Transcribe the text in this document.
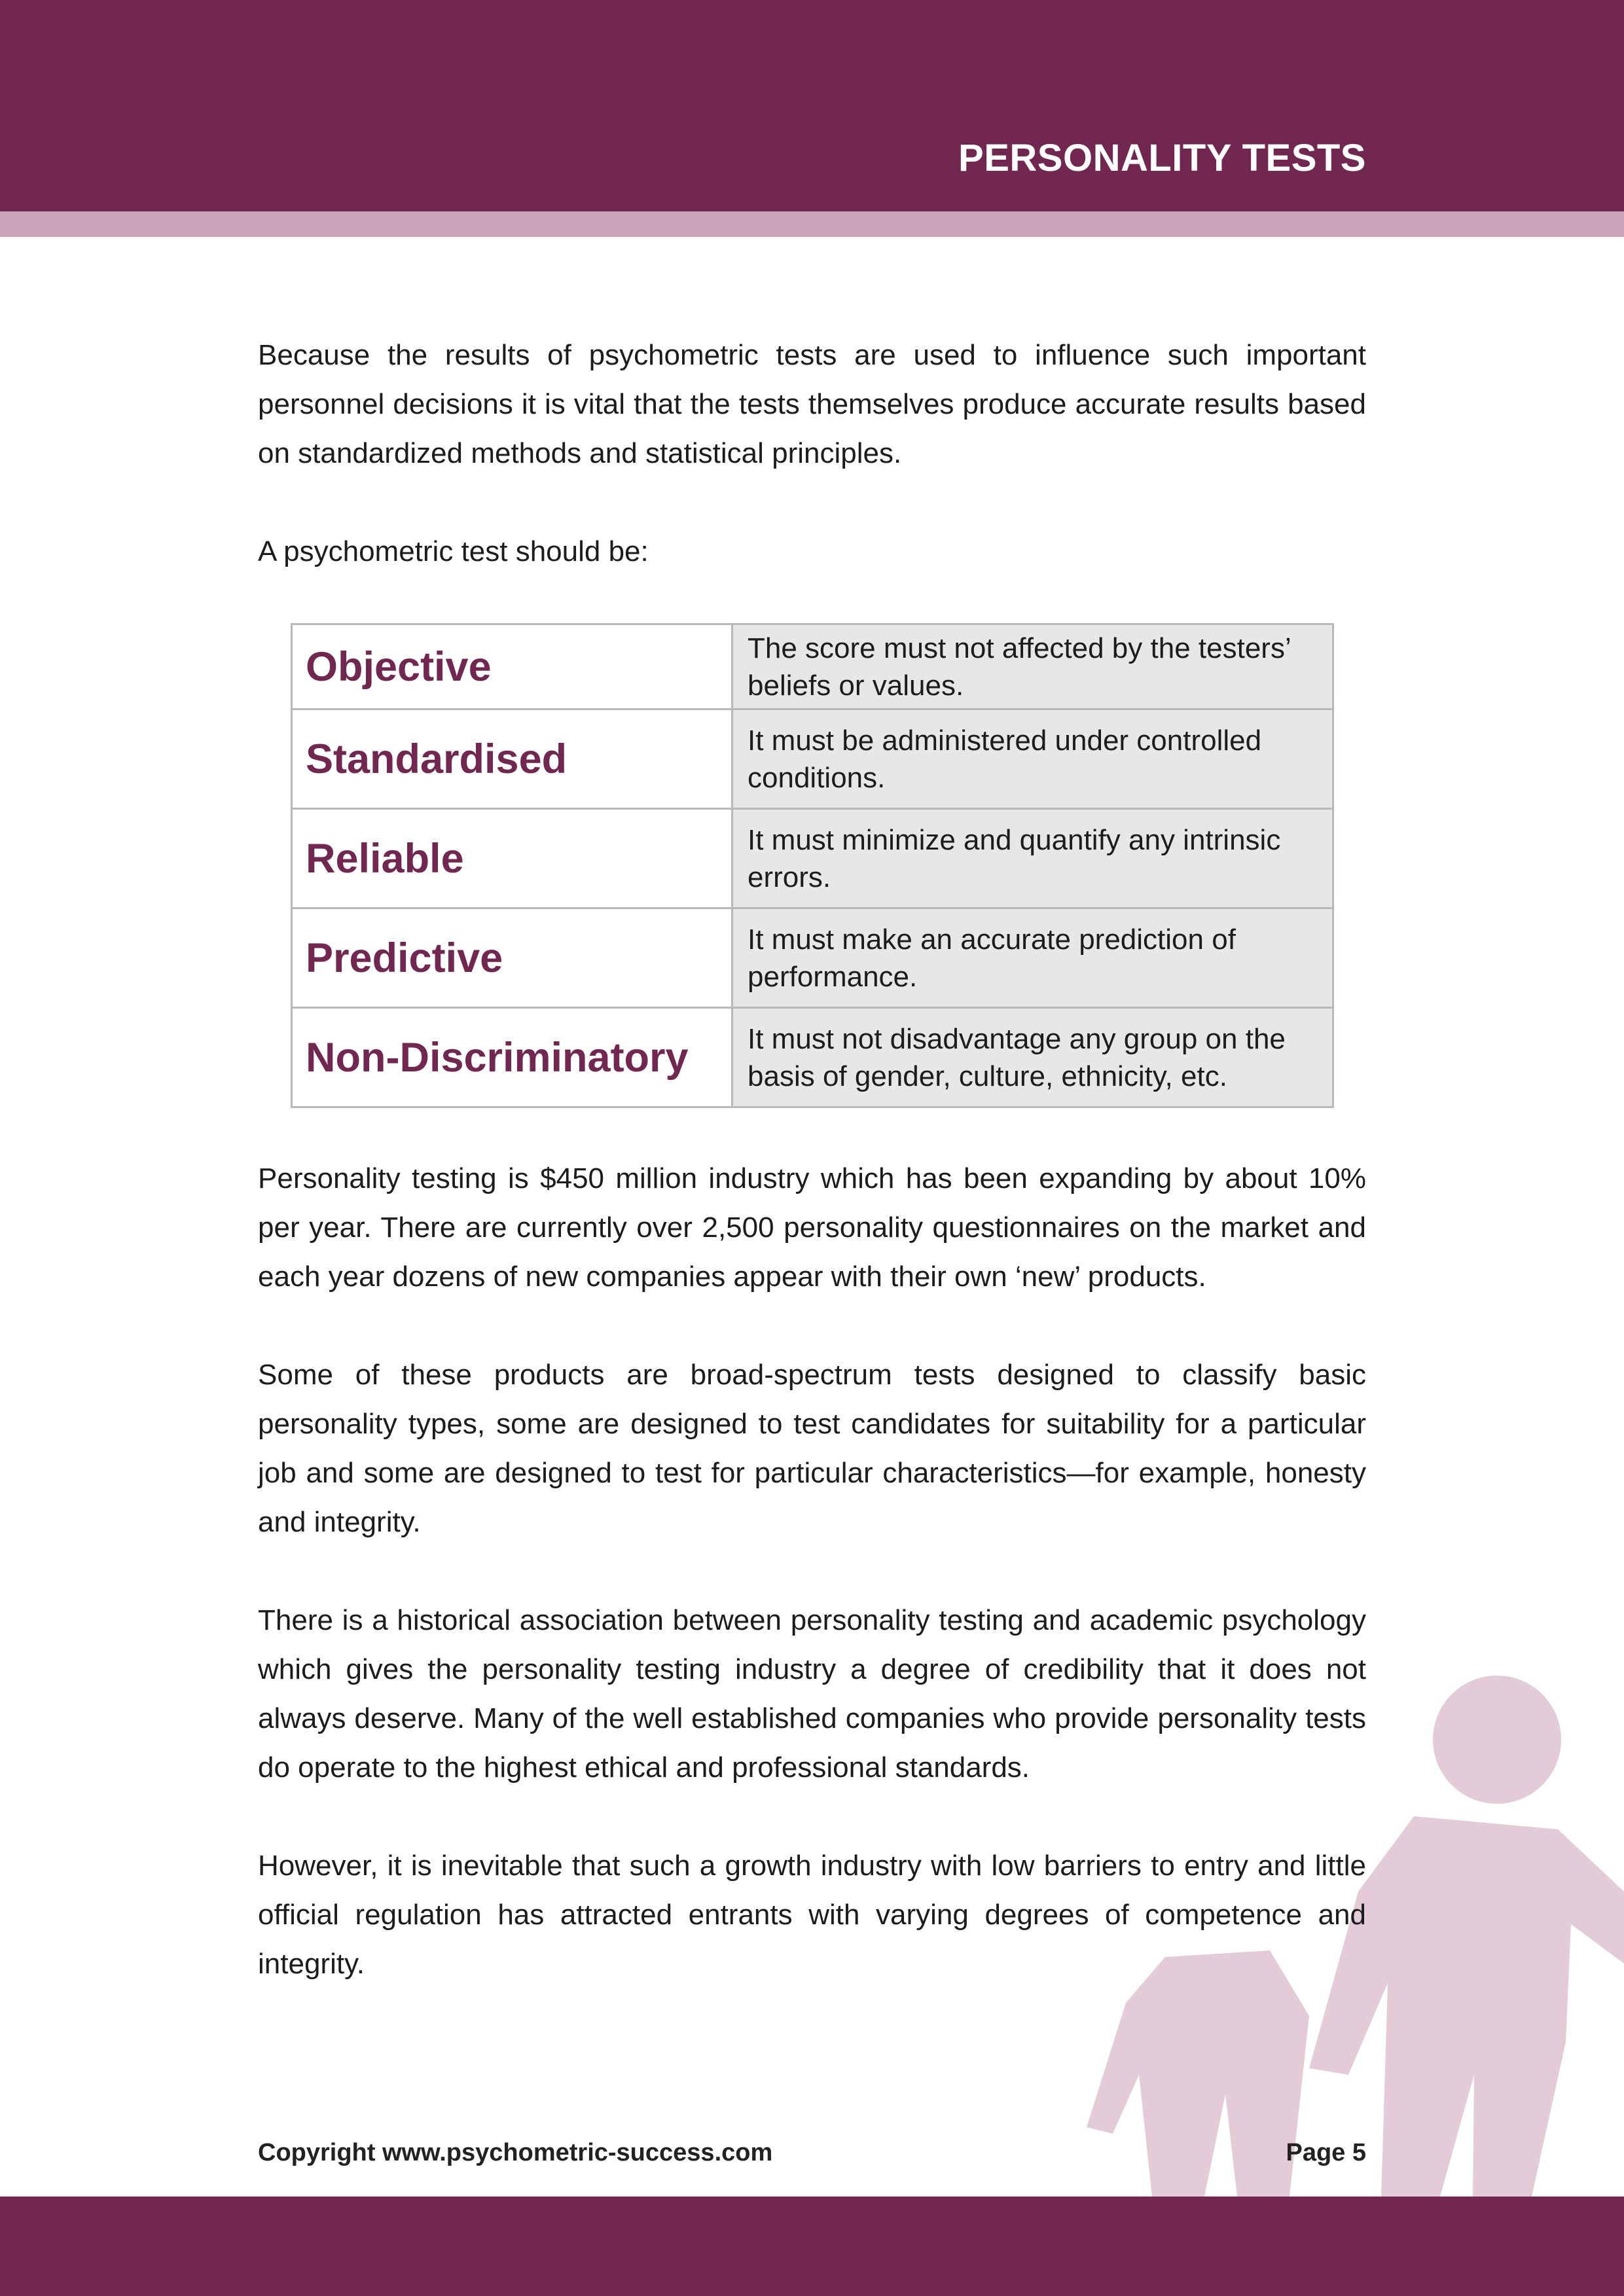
PERSONALITY TESTS

Because the results of psychometric tests are used to influence such important personnel decisions it is vital that the tests themselves produce accurate results based on standardized methods and statistical principles.

A psychometric test should be:

Objective	The score must not affected by the testers’ beliefs or values.
Standardised	It must be administered under controlled conditions.
Reliable	It must minimize and quantify any intrinsic errors.
Predictive	It must make an accurate prediction of performance.
Non-Discriminatory	It must not disadvantage any group on the basis of gender, culture, ethnicity, etc.

Personality testing is $450 million industry which has been expanding by about 10% per year. There are currently over 2,500 personality questionnaires on the market and each year dozens of new companies appear with their own ‘new’ products.

Some of these products are broad-spectrum tests designed to classify basic personality types, some are designed to test candidates for suitability for a particular job and some are designed to test for particular characteristics—for example, honesty and integrity.

There is a historical association between personality testing and academic psychology which gives the personality testing industry a degree of credibility that it does not always deserve. Many of the well established companies who provide personality tests do operate to the highest ethical and professional standards.

However, it is inevitable that such a growth industry with low barriers to entry and little official regulation has attracted entrants with varying degrees of competence and integrity.

Copyright www.psychometric-success.com	Page 5
